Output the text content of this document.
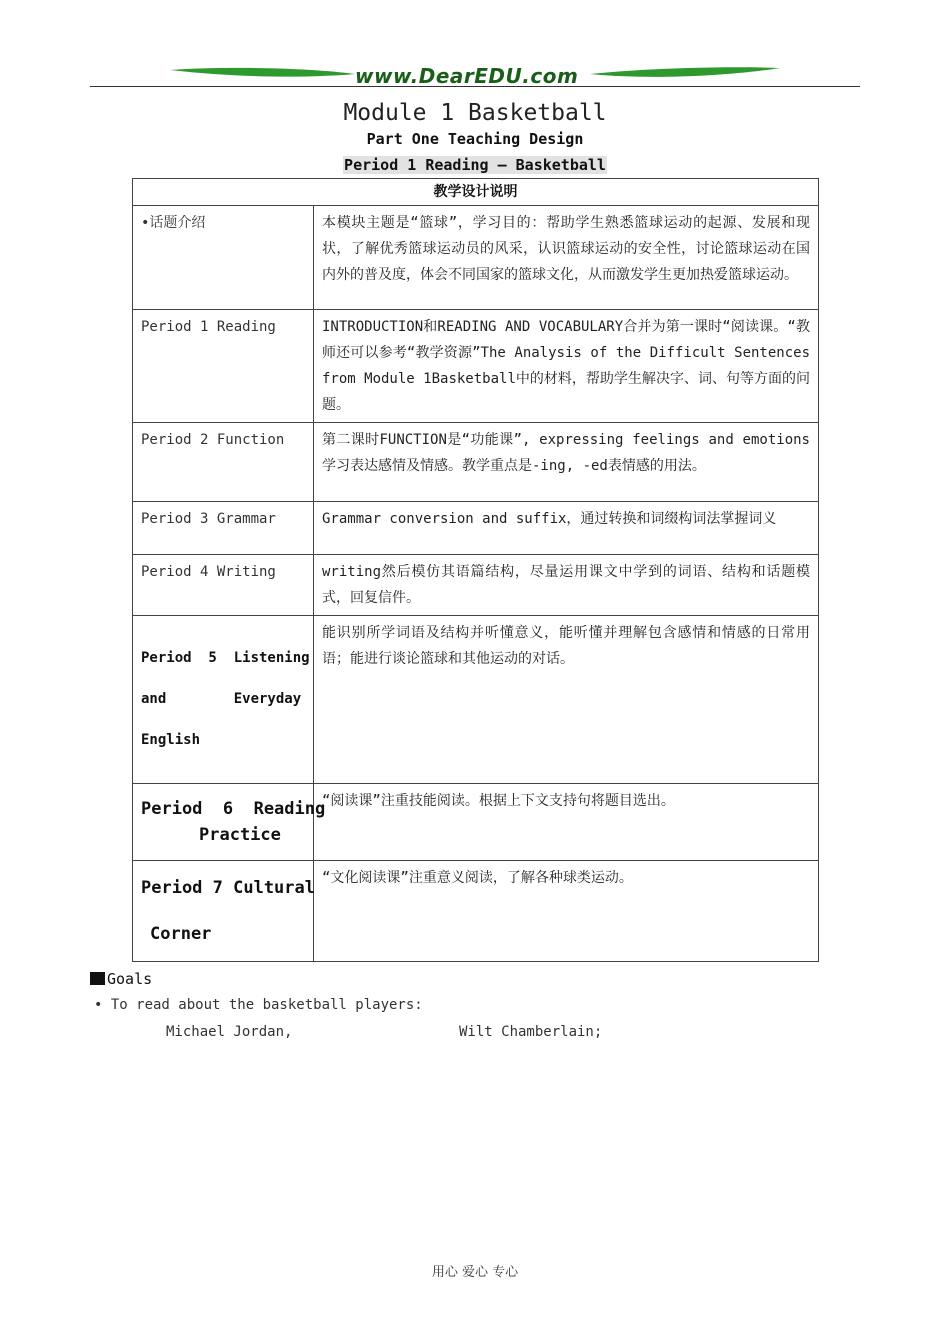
www.DearEDU.com
Module 1 Basketball
Part One Teaching Design
Period 1 Reading – Basketball
教学设计说明	
•话题介绍	本模块主题是“篮球”，学习目的：帮助学生熟悉篮球运动的起源、发展和现状，了解优秀篮球运动员的风采，认识篮球运动的安全性，讨论篮球运动在国内外的普及度，体会不同国家的篮球文化，从而激发学生更加热爱篮球运动。
Period 1 Reading	INTRODUCTION和READING AND VOCABULARY合并为第一课时“阅读课。“教师还可以参考“教学资源”The Analysis of the Difficult Sentences from Module 1Basketball中的材料，帮助学生解决字、词、句等方面的问题。
Period 2 Function	第二课时FUNCTION是“功能课”, expressing feelings and emotions学习表达感情及情感。教学重点是-ing, -ed表情感的用法。
Period 3 Grammar	Grammar conversion and suffix，通过转换和词缀构词法掌握词义
Period 4 Writing	writing然后模仿其语篇结构，尽量运用课文中学到的词语、结构和话题模式，回复信件。

Period  5  Listening
and        Everyday
English	能识别所学词语及结构并听懂意义，能听懂并理解包含感情和情感的日常用语；能进行谈论篮球和其他运动的对话。

Period  6  Reading
Practice	“阅读课”注重技能阅读。根据上下文支持句将题目选出。

Period 7 Cultural
Corner	“文化阅读课”注重意义阅读，了解各种球类运动。
Goals
• To read about the basketball players:
Michael Jordan,	Wilt Chamberlain;
用心 爱心 专心
